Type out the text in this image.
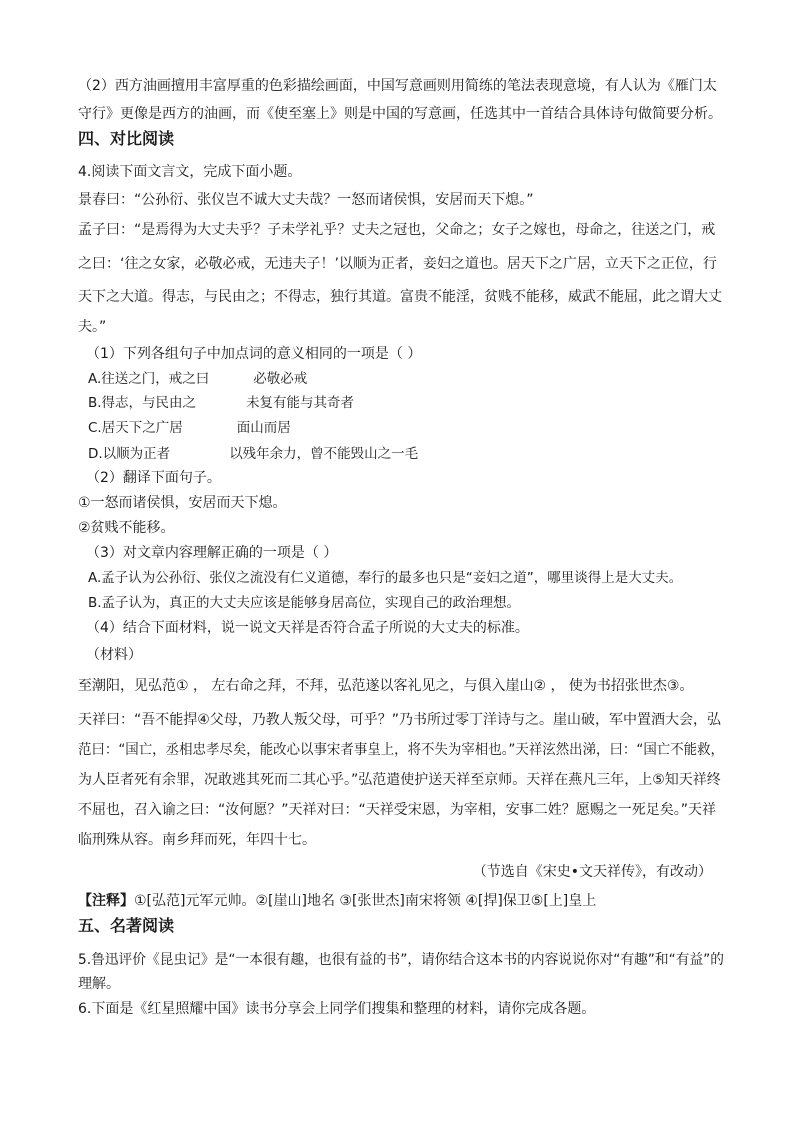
（2）西方油画擅用丰富厚重的色彩描绘画面，中国写意画则用简练的笔法表现意境，有人认为《雁门太
守行》更像是西方的油画，而《使至塞上》则是中国的写意画，任选其中一首结合具体诗句做简要分析。
四、对比阅读
4.阅读下面文言文，完成下面小题。
景春曰：“公孙衍、张仪岂不诚大丈夫哉？一怒而诸侯惧，安居而天下熄。”
孟子曰：“是焉得为大丈夫乎？子未学礼乎？丈夫之冠也，父命之；女子之嫁也，母命之，往送之门，戒
之曰：‘往之女家，必敬必戒，无违夫子！’以顺为正者，妾妇之道也。居天下之广居，立天下之正位，行
天下之大道。得志，与民由之；不得志，独行其道。富贵不能淫，贫贱不能移，威武不能屈，此之谓大丈
夫。”
（1）下列各组句子中加点词的意义相同的一项是（ ）
A.往送之门，戒之曰	必敬必戒
B.得志，与民由之	未复有能与其奇者
C.居天下之广居	面山而居
D.以顺为正者	以残年余力，曾不能毁山之一毛
（2）翻译下面句子。
①一怒而诸侯惧，安居而天下熄。
②贫贱不能移。
（3）对文章内容理解正确的一项是（ ）
A.孟子认为公孙衍、张仪之流没有仁义道德，奉行的最多也只是“妾妇之道”，哪里谈得上是大丈夫。
B.孟子认为，真正的大丈夫应该是能够身居高位，实现自己的政治理想。
（4）结合下面材料，说一说文天祥是否符合孟子所说的大丈夫的标准。
（材料）
至潮阳，见弘范① ， 左右命之拜，不拜，弘范遂以客礼见之，与俱入崖山② ， 使为书招张世杰③。
天祥曰：“吾不能捍④父母，乃教人叛父母，可乎？”乃书所过零丁洋诗与之。崖山破，军中置酒大会，弘
范曰：“国亡，丞相忠孝尽矣，能改心以事宋者事皇上，将不失为宰相也。”天祥泫然出涕，曰：“国亡不能救，
为人臣者死有余罪，况敢逃其死而二其心乎。”弘范遣使护送天祥至京师。天祥在燕凡三年，上⑤知天祥终
不屈也，召入谕之曰：“汝何愿？”天祥对曰：“天祥受宋恩，为宰相，安事二姓？愿赐之一死足矣。”天祥
临刑殊从容。南乡拜而死，年四十七。
（节选自《宋史•文天祥传》，有改动）
【注释】①[弘范]元军元帅。②[崖山]地名 ③[张世杰]南宋将领 ④[捍]保卫⑤[上]皇上
五、名著阅读
5.鲁迅评价《昆虫记》是“一本很有趣，也很有益的书”，请你结合这本书的内容说说你对“有趣”和“有益”的
理解。
6.下面是《红星照耀中国》读书分享会上同学们搜集和整理的材料，请你完成各题。
